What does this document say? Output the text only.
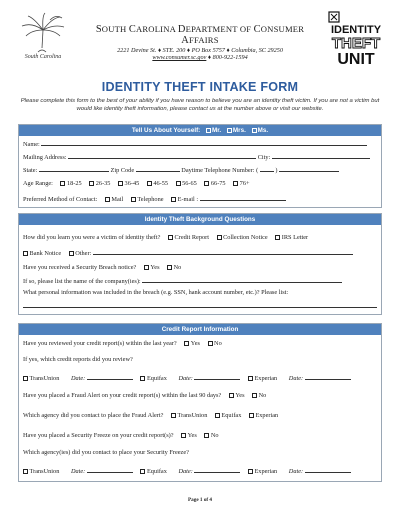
South Carolina
SOUTH CAROLINA DEPARTMENT OF CONSUMER AFFAIRS
2221 Devine St. ♦ STE. 200 ♦ PO Box 5757 ♦ Columbia, SC 29250
www.consumer.sc.gov ♦ 800-922-1594
IDENTITY
THEFT
UNIT
IDENTITY THEFT INTAKE FORM
Please complete this form to the best of your ability if you have reason to believe you are an identity theft victim. If you are not a victim but would like identity theft information, please contact us at the number above or visit our website.
Tell Us About Yourself: Mr. Mrs. Ms.
Name:
Mailing Address:	City:
State:	Zip Code	Daytime Telephone Number: (	)
Age Range: 18-25 26-35 36-45 46-55 56-65 66-75 76+
Preferred Method of Contact: Mail Telephone E-mail :
Identity Theft Background Questions
How did you learn you were a victim of identity theft? Credit Report Collection Notice IRS Letter
Bank Notice Other:
Have you received a Security Breach notice? Yes No
If so, please list the name of the company(ies):
What personal information was included in the breach (e.g. SSN, hank account number, etc.)? Please list:
Credit Report Information
Have you reviewed your credit report(s) within the last year? Yes No
If yes, which credit reports did you review?
TransUnion Date:	Equifax Date:	Experian Date:
Have you placed a Fraud Alert on your credit report(s) within the last 90 days? Yes No
Which agency did you contact to place the Fraud Alert? TransUnion Equifax Experian
Have you placed a Security Freeze on your credit report(s)? Yes No
Which agency(ies) did you contact to place your Security Freeze?
TransUnion Date:	Equifax Date:	Experian Date:
Page 1 of 4
